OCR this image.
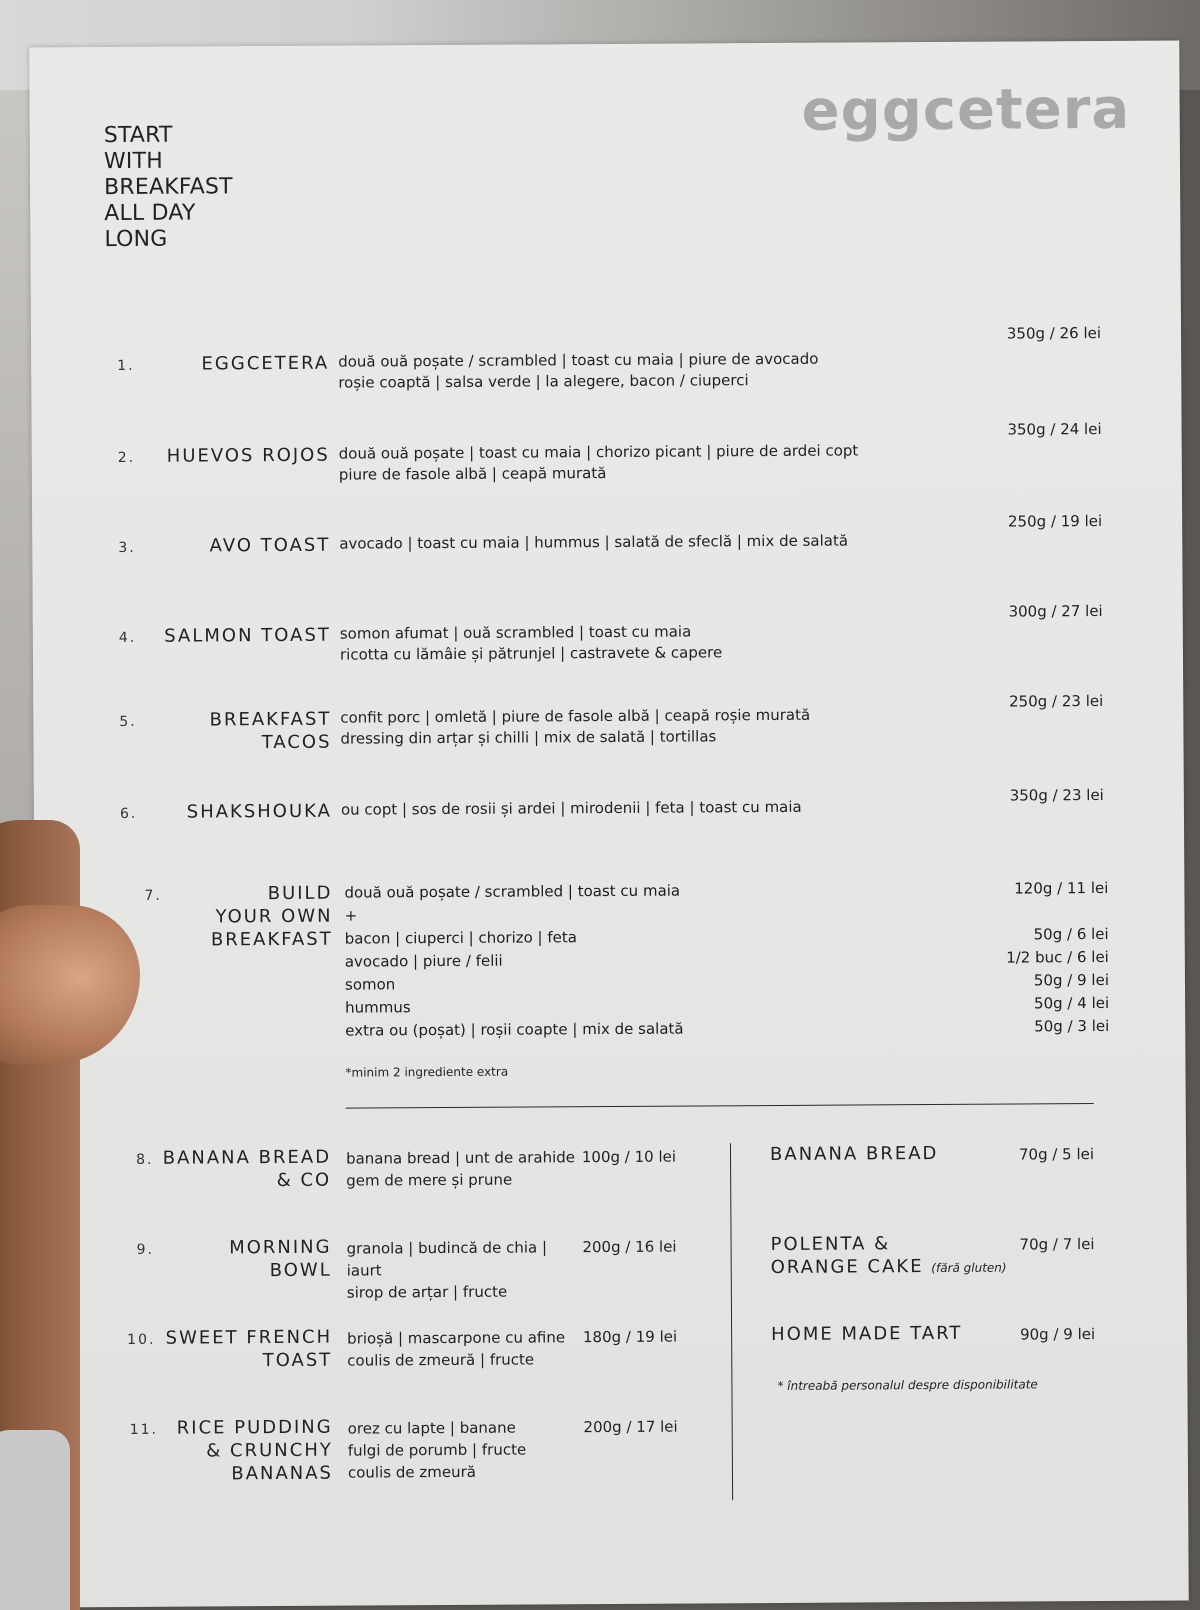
START
WITH
BREAKFAST
ALL DAY
LONG
eggcetera
1.	EGGCETERA două ouă poșate / scrambled | toast cu maia | piure de avocado
roșie coaptă | salsa verde | la alegere, bacon / ciuperci
350g / 26 lei
2.	HUEVOS ROJOS două ouă poșate | toast cu maia | chorizo picant | piure de ardei copt
piure de fasole albă | ceapă murată
350g / 24 lei
3.	AVO TOAST avocado | toast cu maia | hummus | salată de sfeclă | mix de salată
250g / 19 lei
4.	SALMON TOAST somon afumat | ouă scrambled | toast cu maia
ricotta cu lămâie și pătrunjel | castravete & capere
300g / 27 lei
5.	BREAKFAST
TACOS
confit porc | omletă | piure de fasole albă | ceapă roșie murată
dressing din arțar și chilli | mix de salată | tortillas
250g / 23 lei
6.	SHAKSHOUKA ou copt | sos de rosii și ardei | mirodenii | feta | toast cu maia
350g / 23 lei
7.	BUILD
YOUR OWN
BREAKFAST
două ouă poșate / scrambled | toast cu maia	120g / 11 lei
+
bacon | ciuperci | chorizo | feta	50g / 6 lei
avocado | piure / felii	1/2 buc / 6 lei
somon	50g / 9 lei
hummus	50g / 4 lei
extra ou (poșat) | roșii coapte | mix de salată	50g / 3 lei
*minim 2 ingrediente extra
8. BANANA BREAD
& CO
banana bread | unt de arahide
gem de mere și prune
100g / 10 lei
9.	MORNING
BOWL
granola | budincă de chia | iaurt
sirop de arțar | fructe
200g / 16 lei
10. SWEET FRENCH
TOAST
brioșă | mascarpone cu afine
coulis de zmeură | fructe
180g / 19 lei
11.	RICE PUDDING
& CRUNCHY
BANANAS
orez cu lapte | banane
fulgi de porumb | fructe
coulis de zmeură
200g / 17 lei
BANANA BREAD	70g / 5 lei
POLENTA &
ORANGE CAKE (fără gluten)
70g / 7 lei
HOME MADE TART	90g / 9 lei
* întreabă personalul despre disponibilitate
